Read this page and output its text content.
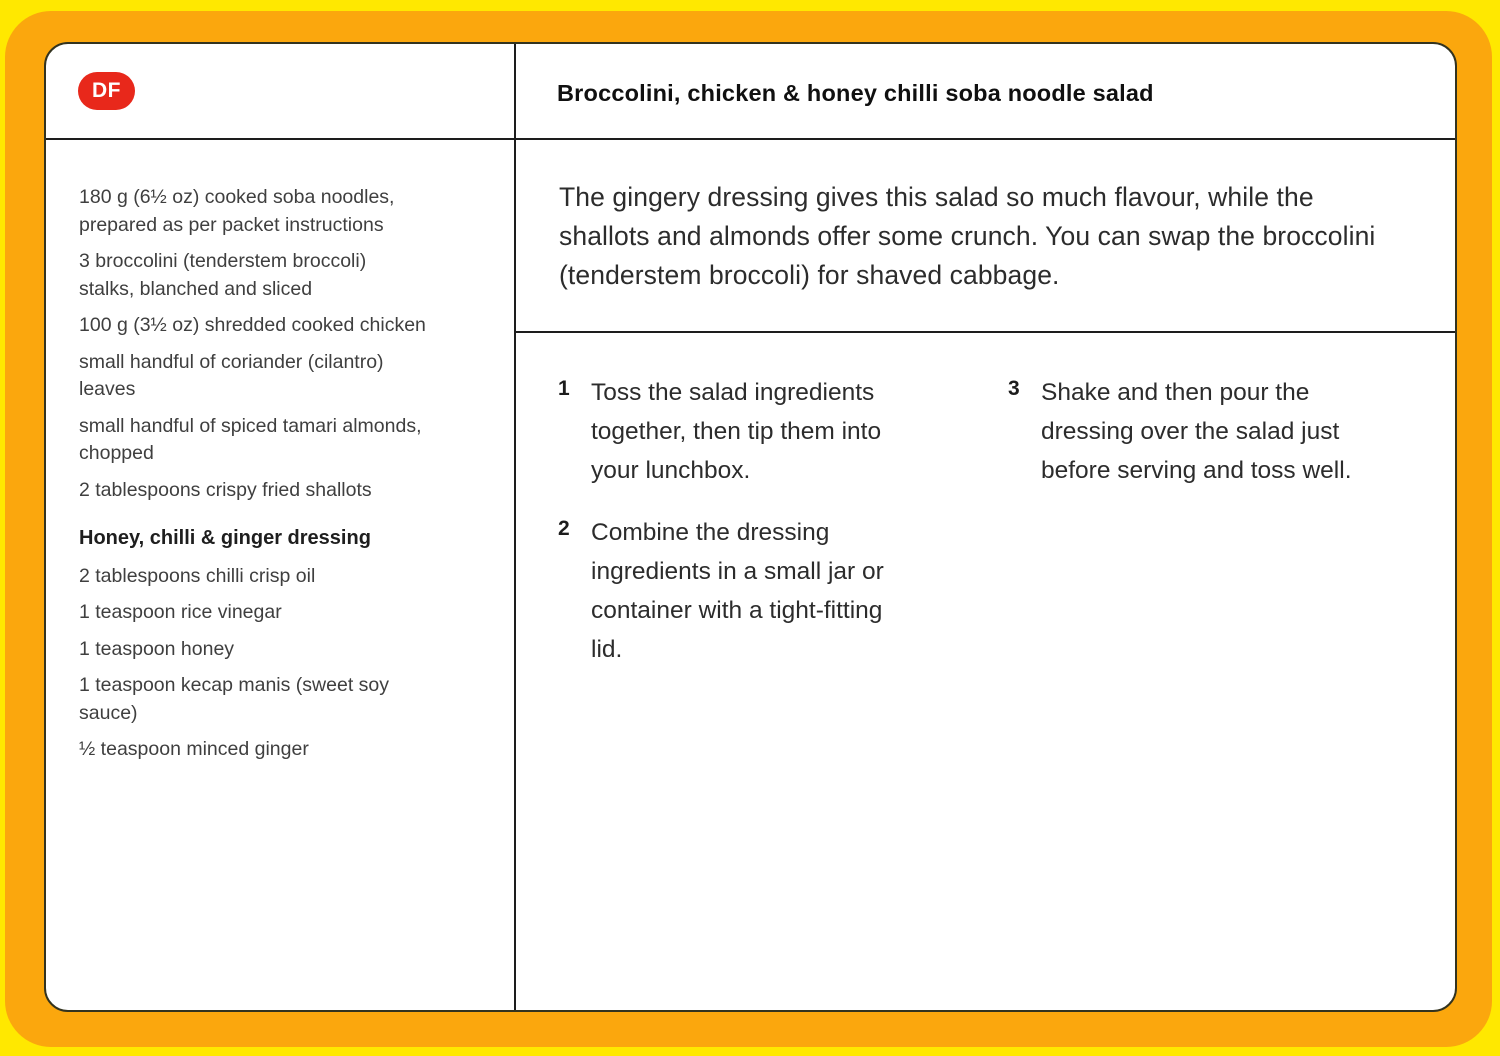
DF	Broccolini, chicken & honey chilli soba noodle salad

180 g (6½ oz) cooked soba noodles, prepared as per packet instructions

3 broccolini (tenderstem broccoli) stalks, blanched and sliced

100 g (3½ oz) shredded cooked chicken

small handful of coriander (cilantro) leaves

small handful of spiced tamari almonds, chopped

2 tablespoons crispy fried shallots

Honey, chilli & ginger dressing

2 tablespoons chilli crisp oil

1 teaspoon rice vinegar

1 teaspoon honey

1 teaspoon kecap manis (sweet soy sauce)

½ teaspoon minced ginger

The gingery dressing gives this salad so much flavour, while the shallots and almonds offer some crunch. You can swap the broccolini (tenderstem broccoli) for shaved cabbage.

1 Toss the salad ingredients together, then tip them into your lunchbox.
2 Combine the dressing ingredients in a small jar or container with a tight-fitting lid.
3 Shake and then pour the dressing over the salad just before serving and toss well.
